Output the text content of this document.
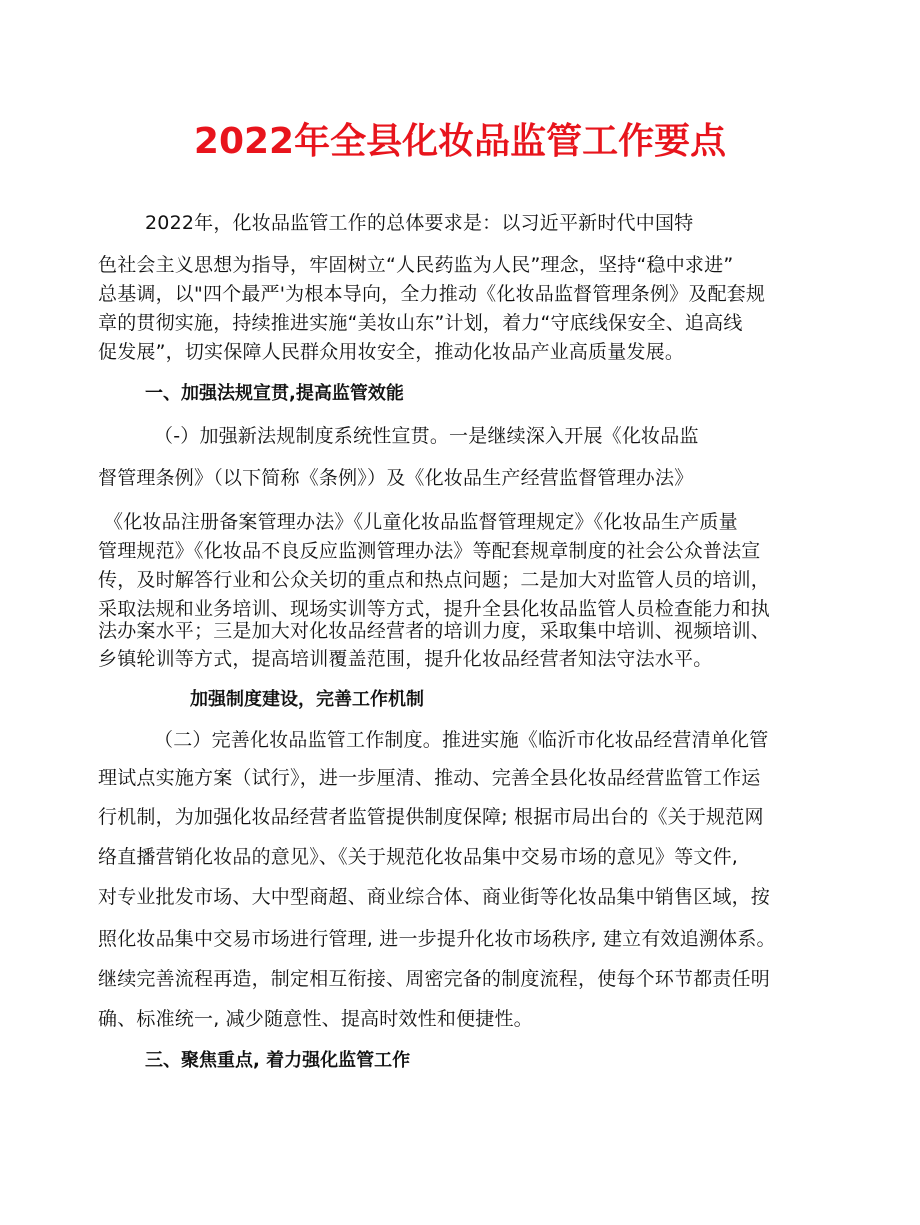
2022年全县化妆品监管工作要点
2022年，化妆品监管工作的总体要求是：以习近平新时代中国特
色社会主义思想为指导，牢固树立“人民药监为人民”理念，坚持“稳中求进”
总基调，以"四个最严'为根本导向，全力推动《化妆品监督管理条例》及配套规
章的贯彻实施，持续推进实施“美妆山东”计划，着力“守底线保安全、追高线
促发展”，切实保障人民群众用妆安全，推动化妆品产业高质量发展。
一、加强法规宣贯,提高监管效能
（-）加强新法规制度系统性宣贯。一是继续深入开展《化妆品监
督管理条例》（以下简称《条例》）及《化妆品生产经营监督管理办法》
《化妆品注册备案管理办法》《儿童化妆品监督管理规定》《化妆品生产质量
管理规范》《化妆品不良反应监测管理办法》等配套规章制度的社会公众普法宣
传，及时解答行业和公众关切的重点和热点问题；二是加大对监管人员的培训，
采取法规和业务培训、现场实训等方式，提升全县化妆品监管人员检查能力和执
法办案水平；三是加大对化妆品经营者的培训力度，采取集中培训、视频培训、
乡镇轮训等方式，提高培训覆盖范围，提升化妆品经营者知法守法水平。
加强制度建设，完善工作机制
（二）完善化妆品监管工作制度。推进实施《临沂市化妆品经营清单化管
理试点实施方案（试行》，进一步厘清、推动、完善全县化妆品经营监管工作运
行机制，为加强化妆品经营者监管提供制度保障; 根据市局出台的《关于规范网
络直播营销化妆品的意见》、《关于规范化妆品集中交易市场的意见》等文件,
对专业批发市场、大中型商超、商业综合体、商业街等化妆品集中销售区域，按
照化妆品集中交易市场进行管理, 进一步提升化妆市场秩序, 建立有效追溯体系。
继续完善流程再造，制定相互衔接、周密完备的制度流程，使每个环节都责任明
确、标准统一, 减少随意性、提高时效性和便捷性。
三、聚焦重点, 着力强化监管工作
